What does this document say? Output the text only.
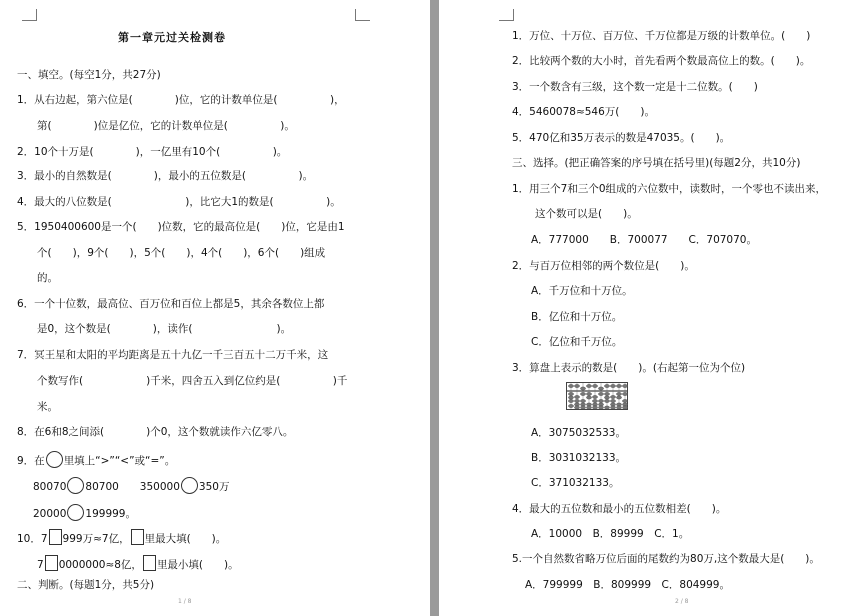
第一章元过关检测卷
一、填空。(每空1分，共27分)
1．从右边起，第六位是(　　　　)位，它的计数单位是(　　　　　)，
第(　　　　)位是亿位，它的计数单位是(　　　　　)。
2．10个十万是(　　　　)，一亿里有10个(　　　　　)。
3．最小的自然数是(　　　　)，最小的五位数是(　　　　　)。
4．最大的八位数是(　　　　　　　)，比它大1的数是(　　　　　)。
5．1950400600是一个(　　)位数，它的最高位是(　　)位，它是由1
个(　　)，9个(　　)，5个(　　)，4个(　　)，6个(　　)组成
的。
6．一个十位数，最高位、百万位和百位上都是5，其余各数位上都
是0，这个数是(　　　　)，读作(　　　　　　　　)。
7．冥王星和太阳的平均距离是五十九亿一千三百五十二万千米，这
个数写作(　　　　　　)千米，四舍五入到亿位约是(　　　　　)千
米。
8．在6和8之间添(　　　　)个0，这个数就读作六亿零八。
9．在 里填上“>”“<”或“=”。
80070 80700　　350000 350万
20000 199999。
10．7 999万≈7亿， 里最大填(　　)。
7 0000000≈8亿， 里最小填(　　)。
二、判断。(每题1分，共5分)
1 / 8
1．万位、十万位、百万位、千万位都是万级的计数单位。(　　)
2．比较两个数的大小时，首先看两个数最高位上的数。(　　)。
3．一个数含有三级，这个数一定是十二位数。(　　)
4．5460078≈546万(　　)。
5．470亿和35万表示的数是47035。(　　)。
三、选择。(把正确答案的序号填在括号里)(每题2分，共10分)
1．用三个7和三个0组成的六位数中，读数时，一个零也不读出来，
这个数可以是(　　)。
A．777000　　B．700077　　C．707070。
2．与百万位相邻的两个数位是(　　)。
A．千万位和十万位。
B．亿位和十万位。
C．亿位和千万位。
3．算盘上表示的数是(　　)。(右起第一位为个位)
A．3075032533。
B．3031032133。
C．371032133。
4．最大的五位数和最小的五位数相差(　　)。
A．10000　B．89999　C．1。
5.一个自然数省略万位后面的尾数约为80万,这个数最大是(　　)。
A．799999　B．809999　C．804999。
2 / 8
